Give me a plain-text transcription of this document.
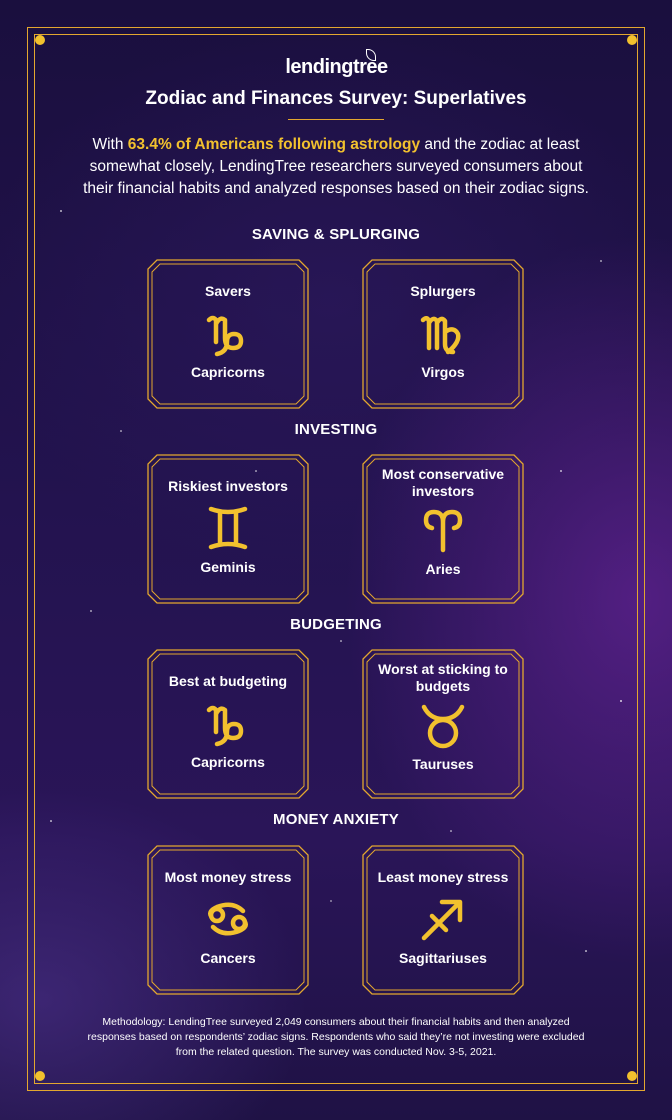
lendingtree
Zodiac and Finances Survey: Superlatives
With 63.4% of Americans following astrology and the zodiac at least somewhat closely, LendingTree researchers surveyed consumers about their financial habits and analyzed responses based on their zodiac signs.
SAVING & SPLURGING
INVESTING
BUDGETING
MONEY ANXIETY
Savers
Capricorns
Splurgers
Virgos
Riskiest investors
Geminis
Most conservative investors
Aries
Best at budgeting
Capricorns
Worst at sticking to budgets
Tauruses
Most money stress
Cancers
Least money stress
Sagittariuses
Methodology: LendingTree surveyed 2,049 consumers about their financial habits and then analyzed responses based on respondents’ zodiac signs. Respondents who said they’re not investing were excluded from the related question. The survey was conducted Nov. 3-5, 2021.
